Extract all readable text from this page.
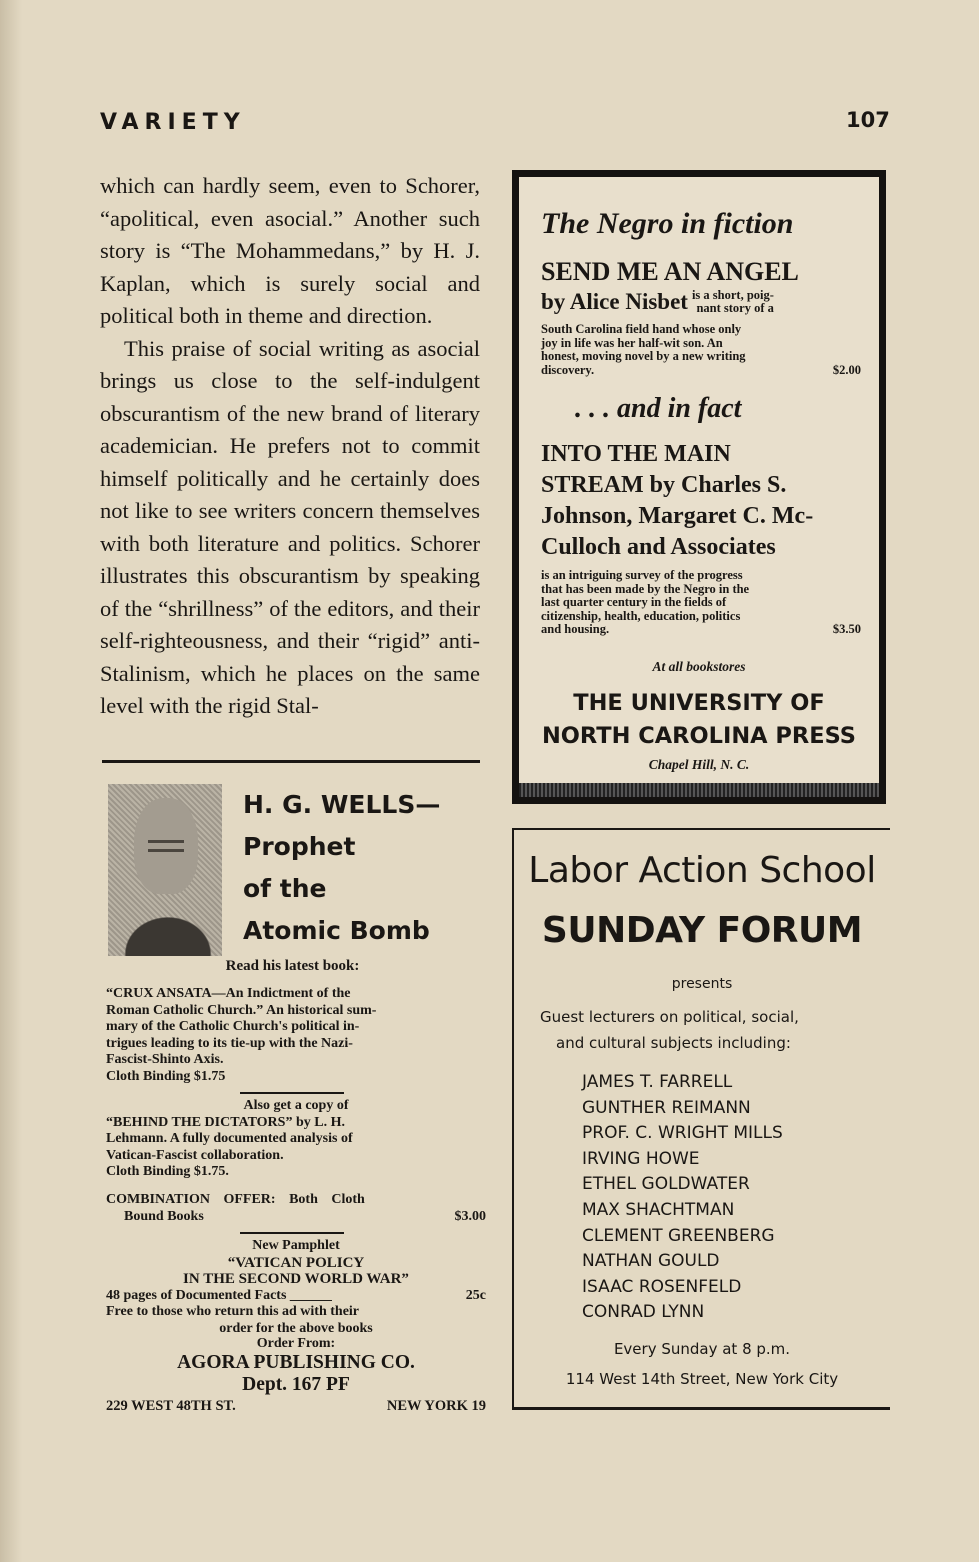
VARIETY	107

which can hardly seem, even to Schorer, “apolitical, even asocial.” Another such story is “The Mohammedans,” by H. J. Kaplan, which is surely social and political both in theme and direction.

This praise of social writing as asocial brings us close to the self-indulgent obscurantism of the new brand of literary academician. He prefers not to commit himself politically and he certainly does not like to see writers concern themselves with both literature and politics. Schorer illustrates this obscurantism by speaking of the “shrillness” of the editors, and their self-righteousness, and their “rigid” anti-Stalinism, which he places on the same level with the rigid Stal-

H. G. WELLS—
Prophet
of the
Atomic Bomb
Read his latest book:
“CRUX ANSATA—An Indictment of the
Roman Catholic Church.” An historical sum-
mary of the Catholic Church's political in-
trigues leading to its tie-up with the Nazi-
Fascist-Shinto Axis.
Cloth Binding $1.75
Also get a copy of
“BEHIND THE DICTATORS” by L. H.
Lehmann. A fully documented analysis of
Vatican-Fascist collaboration.
Cloth Binding $1.75.
COMBINATION OFFER: Both Cloth
Bound Books	$3.00
New Pamphlet
“VATICAN POLICY
IN THE SECOND WORLD WAR”
48 pages of Documented Facts ______	25c
Free to those who return this ad with their
order for the above books
Order From:
AGORA PUBLISHING CO.
Dept. 167 PF
229 WEST 48TH ST.	NEW YORK 19
The Negro in fiction
SEND ME AN ANGEL
by Alice Nisbet is a short, poig-
nant story of a
South Carolina field hand whose only
joy in life was her half-wit son. An
honest, moving novel by a new writing
discovery.	$2.00
. . . and in fact
INTO THE MAIN
STREAM by Charles S.
Johnson, Margaret C. Mc-
Culloch and Associates
is an intriguing survey of the progress
that has been made by the Negro in the
last quarter century in the fields of
citizenship, health, education, politics
and housing.	$3.50
At all bookstores
THE UNIVERSITY OF
NORTH CAROLINA PRESS
Chapel Hill, N. C.
Labor Action School
SUNDAY FORUM
presents
Guest lecturers on political, social,
and cultural subjects including:
JAMES T. FARRELL
GUNTHER REIMANN
PROF. C. WRIGHT MILLS
IRVING HOWE
ETHEL GOLDWATER
MAX SHACHTMAN
CLEMENT GREENBERG
NATHAN GOULD
ISAAC ROSENFELD
CONRAD LYNN
Every Sunday at 8 p.m.
114 West 14th Street, New York City
